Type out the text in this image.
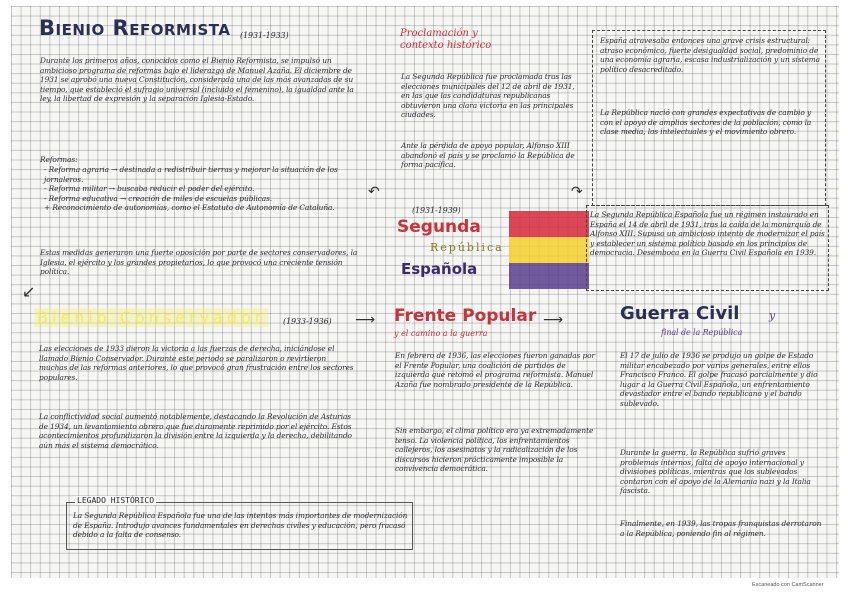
Bienio Reformista (1931-1933)
Durante los primeros años, conocidos como el Bienio Reformista, se impulsó un ambicioso programa de reformas bajo el liderazgo de Manuel Azaña. El diciembre de 1931 se aprobó una nueva Constitución, considerada una de las más avanzadas de su tiempo, que estableció el sufragio universal (incluido el femenino), la igualdad ante la ley, la libertad de expresión y la separación Iglesia-Estado.
Reformas:
- Reforma agraria → destinada a redistribuir tierras y mejorar la situación de los jornaleros.
- Reforma militar → buscaba reducir el poder del ejército.
- Reforma educativa → creación de miles de escuelas públicas.
+ Reconocimiento de autonomías, como el Estatuto de Autonomía de Cataluña.
Estas medidas generaron una fuerte oposición por parte de sectores conservadores, la Iglesia, el ejército y los grandes propietarios, lo que provocó una creciente tensión política.
Proclamación y
contexto histórico
La Segunda República fue proclamada tras las elecciones municipales del 12 de abril de 1931, en las que las candidaturas republicanas obtuvieron una clara victoria en las principales ciudades.
Ante la pérdida de apoyo popular, Alfonso XIII abandonó el país y se proclamó la República de forma pacífica.
España atravesaba entonces una grave crisis estructural: atraso económico, fuerte desigualdad social, predominio de una economía agraria, escasa industrialización y un sistema político desacreditado.
La República nació con grandes expectativas de cambio y con el apoyo de amplios sectores de la población, como la clase media, los intelectuales y el movimiento obrero.
(1931-1939)
Segunda
República
Española
La Segunda República Española fue un régimen instaurado en España el 14 de abril de 1931, tras la caída de la monarquía de Alfonso XIII. Supuso un ambicioso intento de modernizar el país y establecer un sistema político basado en los principios de democracia. Desemboca en la Guerra Civil Española en 1939.
↶	↷
↙
⟶	⟶
Bienio Conservador	(1933-1936)
Las elecciones de 1933 dieron la victoria a las fuerzas de derecha, iniciándose el llamado Bienio Conservador. Durante este periodo se paralizaron o revirtieron muchas de las reformas anteriores, lo que provocó gran frustración entre los sectores populares.
La conflictividad social aumentó notablemente, destacando la Revolución de Asturias de 1934, un levantamiento obrero que fue duramente reprimido por el ejército. Estos acontecimientos profundizaron la división entre la izquierda y la derecha, debilitando aún más el sistema democrático.
Frente Popular
y el camino a la guerra
En febrero de 1936, las elecciones fueron ganadas por el Frente Popular, una coalición de partidos de izquierda que retomó el programa reformista. Manuel Azaña fue nombrado presidente de la República.
Sin embargo, el clima político era ya extremadamente tenso. La violencia política, los enfrentamientos callejeros, los asesinatos y la radicalización de los discursos hicieron prácticamente imposible la convivencia democrática.
Guerra Civil	y
final de la República
El 17 de julio de 1936 se produjo un golpe de Estado militar encabezado por varios generales, entre ellos Francisco Franco. El golpe fracasó parcialmente y dio lugar a la Guerra Civil Española, un enfrentamiento devastador entre el bando republicano y el bando sublevado.
Durante la guerra, la República sufrió graves problemas internos, falta de apoyo internacional y divisiones políticas, mientras que los sublevados contaron con el apoyo de la Alemania nazi y la Italia fascista.
Finalmente, en 1939, las tropas franquistas derrotaron a la República, poniendo fin al régimen.
LEGADO HISTÓRICO
La Segunda República Española fue una de las intentos más importantes de modernización de España. Introdujo avances fundamentales en derechos civiles y educación, pero fracasó debido a la falta de consenso.
Escaneado con CamScanner
